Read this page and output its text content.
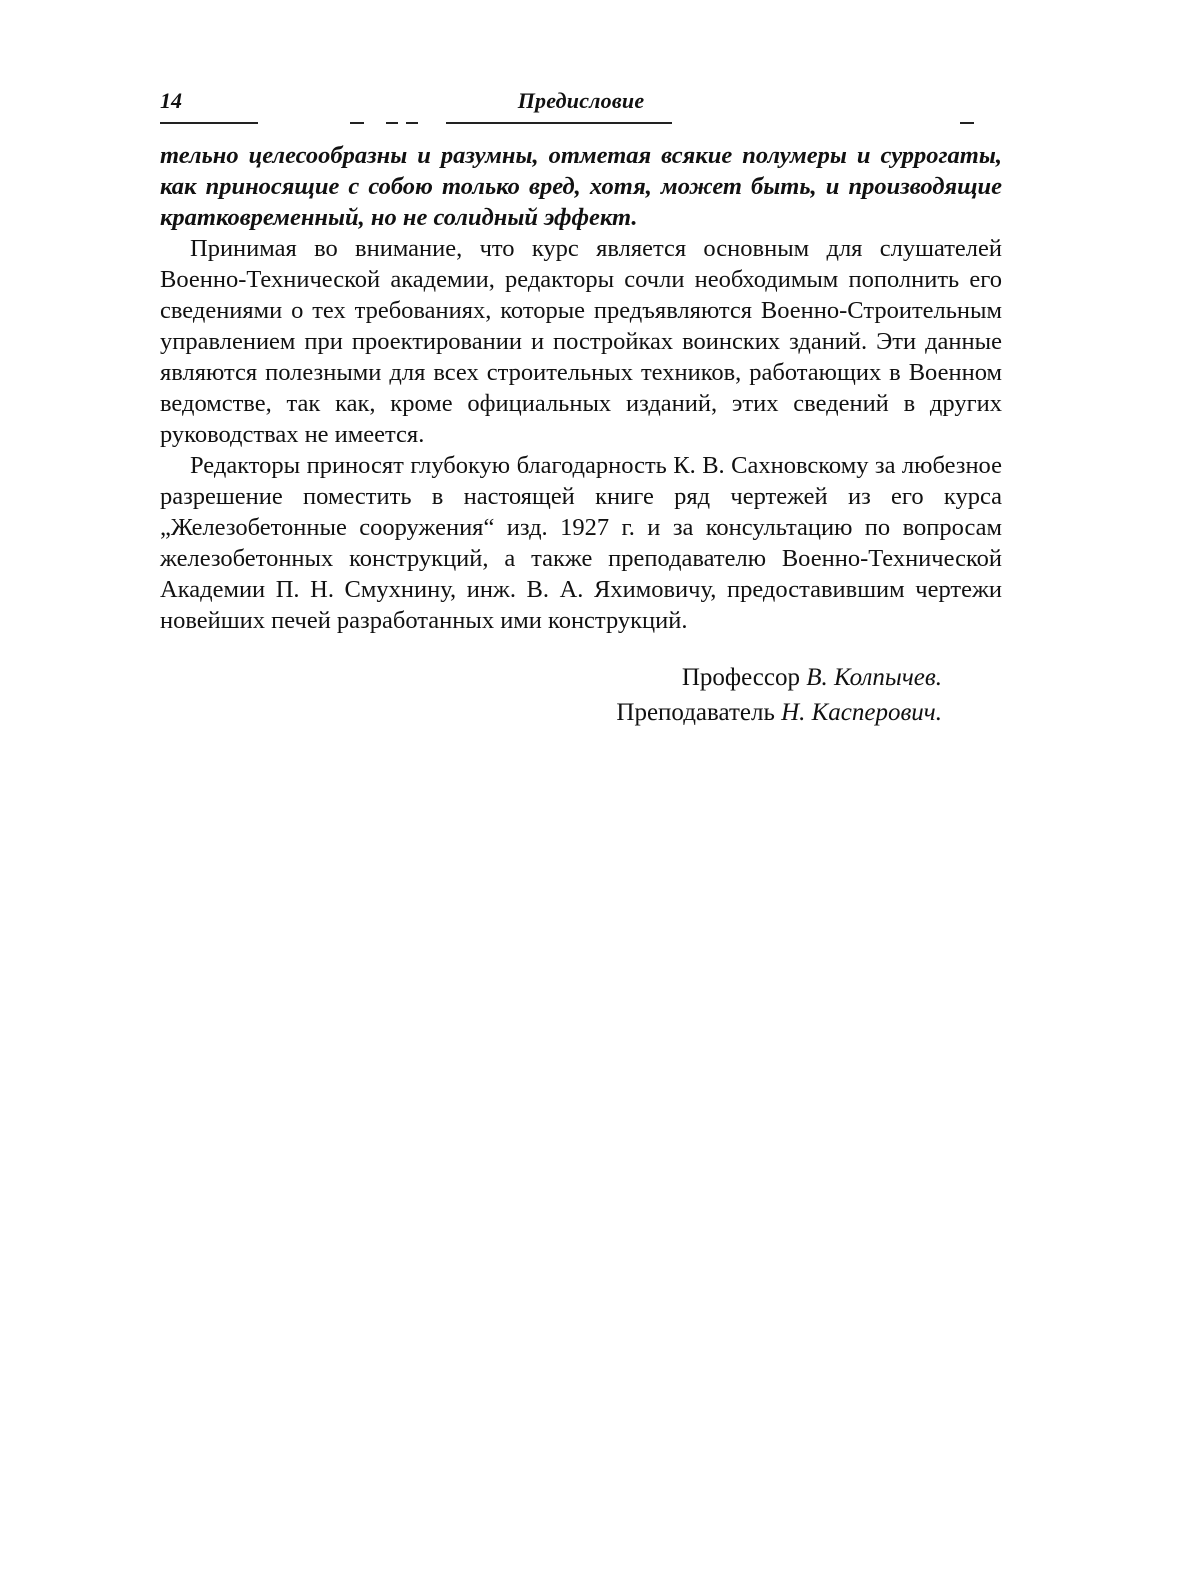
14	Предисловие

тельно целесообразны и разумны, отметая всякие полумеры и суррогаты, как приносящие с собою только вред, хотя, может быть, и производящие кратковременный, но не солидный эффект.

Принимая во внимание, что курс является основным для слушателей Военно-Технической академии, редакторы сочли необходимым пополнить его сведениями о тех требованиях, которые предъявляются Военно-Строительным управлением при проектировании и постройках воинских зданий. Эти данные являются полезными для всех строительных техников, работающих в Военном ведомстве, так как, кроме официальных изданий, этих сведений в других руководствах не имеется.

Редакторы приносят глубокую благодарность К. В. Сахновскому за любезное разрешение поместить в настоящей книге ряд чертежей из его курса „Железобетонные сооружения“ изд. 1927 г. и за консультацию по вопросам железобетонных конструкций, а также преподавателю Военно-Технической Академии П. Н. Смухнину, инж. В. А. Яхимовичу, предоставившим чертежи новейших печей разработанных ими конструкций.

Профессор В. Колпычев.
Преподаватель Н. Касперович.
